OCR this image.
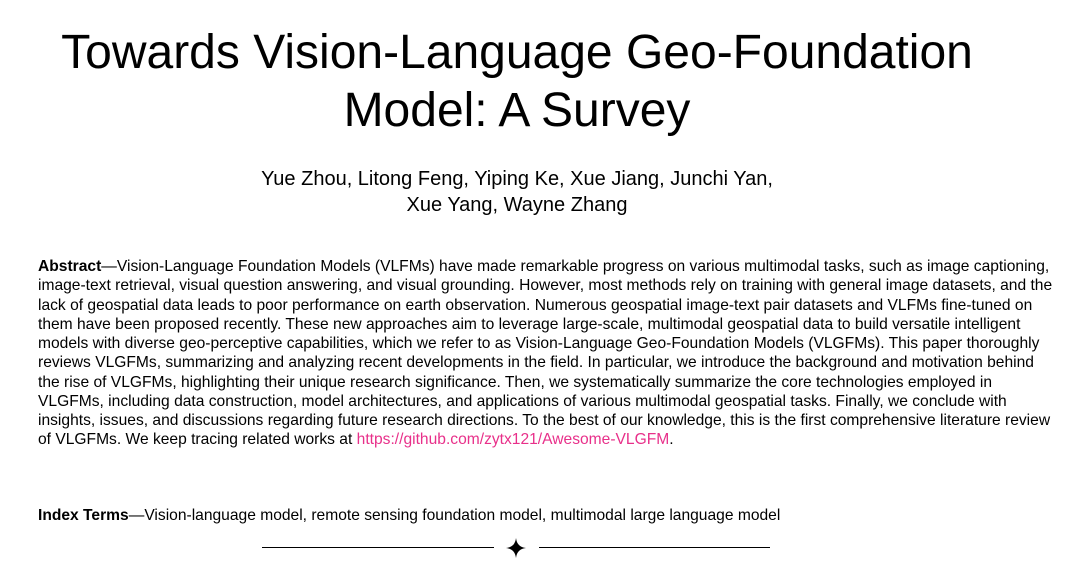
Towards Vision-Language Geo-Foundation
Model: A Survey
Yue Zhou, Litong Feng, Yiping Ke, Xue Jiang, Junchi Yan,
Xue Yang, Wayne Zhang

Abstract—Vision-Language Foundation Models (VLFMs) have made remarkable progress on various multimodal tasks, such as image captioning, image-text retrieval, visual question answering, and visual grounding. However, most methods rely on training with general image datasets, and the lack of geospatial data leads to poor performance on earth observation. Numerous geospatial image-text pair datasets and VLFMs fine-tuned on them have been proposed recently. These new approaches aim to leverage large-scale, multimodal geospatial data to build versatile intelligent models with diverse geo-perceptive capabilities, which we refer to as Vision-Language Geo-Foundation Models (VLGFMs). This paper thoroughly reviews VLGFMs, summarizing and analyzing recent developments in the field. In particular, we introduce the background and motivation behind the rise of VLGFMs, highlighting their unique research significance. Then, we systematically summarize the core technologies employed in VLGFMs, including data construction, model architectures, and applications of various multimodal geospatial tasks. Finally, we conclude with insights, issues, and discussions regarding future research directions. To the best of our knowledge, this is the first comprehensive literature review of VLGFMs. We keep tracing related works at https://github.com/zytx121/Awesome-VLGFM.

Index Terms—Vision-language model, remote sensing foundation model, multimodal large language model
